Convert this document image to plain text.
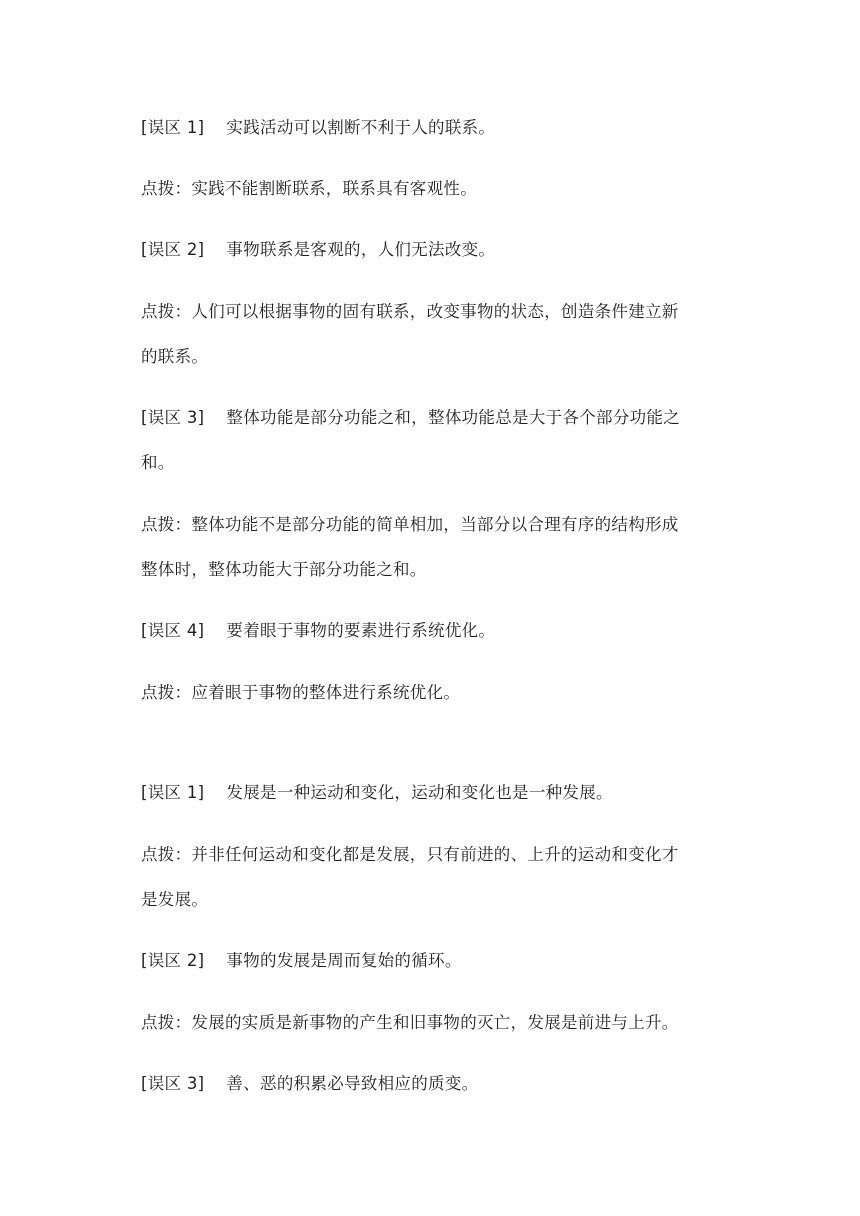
[误区 1] 实践活动可以割断不利于人的联系。
点拨：实践不能割断联系，联系具有客观性。
[误区 2] 事物联系是客观的，人们无法改变。
点拨：人们可以根据事物的固有联系，改变事物的状态，创造条件建立新
的联系。
[误区 3] 整体功能是部分功能之和，整体功能总是大于各个部分功能之
和。
点拨：整体功能不是部分功能的简单相加，当部分以合理有序的结构形成
整体时，整体功能大于部分功能之和。
[误区 4] 要着眼于事物的要素进行系统优化。
点拨：应着眼于事物的整体进行系统优化。
[误区 1] 发展是一种运动和变化，运动和变化也是一种发展。
点拨：并非任何运动和变化都是发展，只有前进的、上升的运动和变化才
是发展。
[误区 2] 事物的发展是周而复始的循环。
点拨：发展的实质是新事物的产生和旧事物的灭亡，发展是前进与上升。
[误区 3] 善、恶的积累必导致相应的质变。
